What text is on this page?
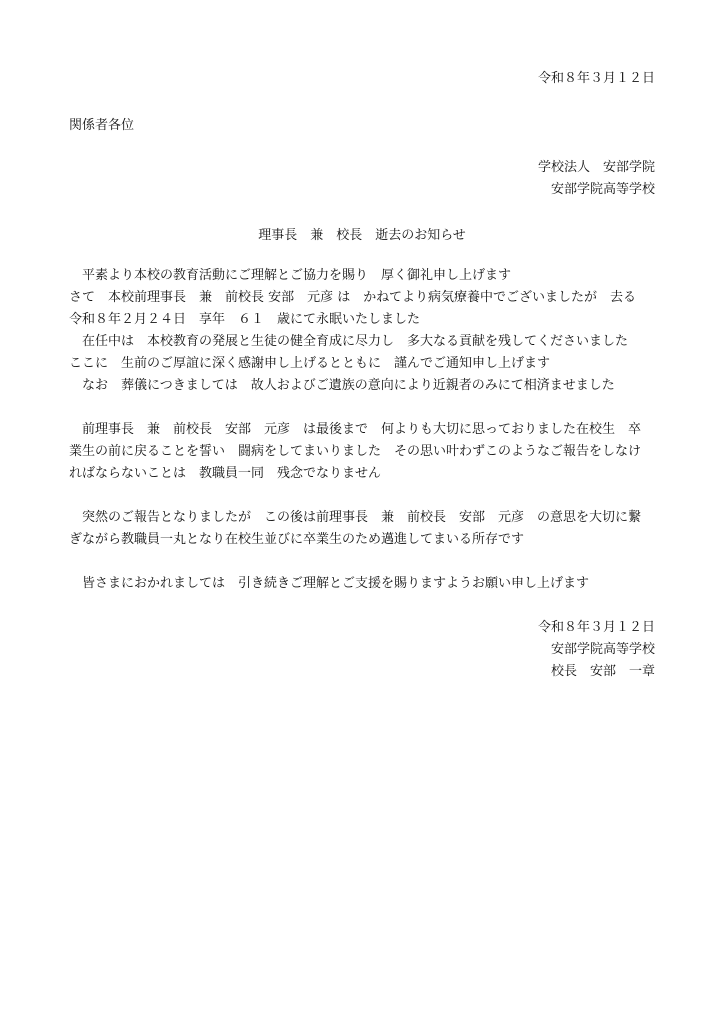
令和８年３月１２日
関係者各位
学校法人　安部学院
安部学院高等学校
理事長　兼　校長　逝去のお知らせ
　平素より本校の教育活動にご理解とご協力を賜り　厚く御礼申し上げます
さて　本校前理事長　兼　前校長 安部　元彦 は　かねてより病気療養中でございましたが　去る
令和８年２月２４日　享年　６１　歳にて永眠いたしました
　在任中は　本校教育の発展と生徒の健全育成に尽力し　多大なる貢献を残してくださいました
ここに　生前のご厚誼に深く感謝申し上げるとともに　謹んでご通知申し上げます
　なお　葬儀につきましては　故人およびご遺族の意向により近親者のみにて相済ませました
　前理事長　兼　前校長　安部　元彦　は最後まで　何よりも大切に思っておりました在校生　卒
業生の前に戻ることを誓い　闘病をしてまいりました　その思い叶わずこのようなご報告をしなけ
ればならないことは　教職員一同　残念でなりません
　突然のご報告となりましたが　この後は前理事長　兼　前校長　安部　元彦　の意思を大切に繋
ぎながら教職員一丸となり在校生並びに卒業生のため邁進してまいる所存です
　皆さまにおかれましては　引き続きご理解とご支援を賜りますようお願い申し上げます
令和８年３月１２日
安部学院高等学校
校長　安部　一章
